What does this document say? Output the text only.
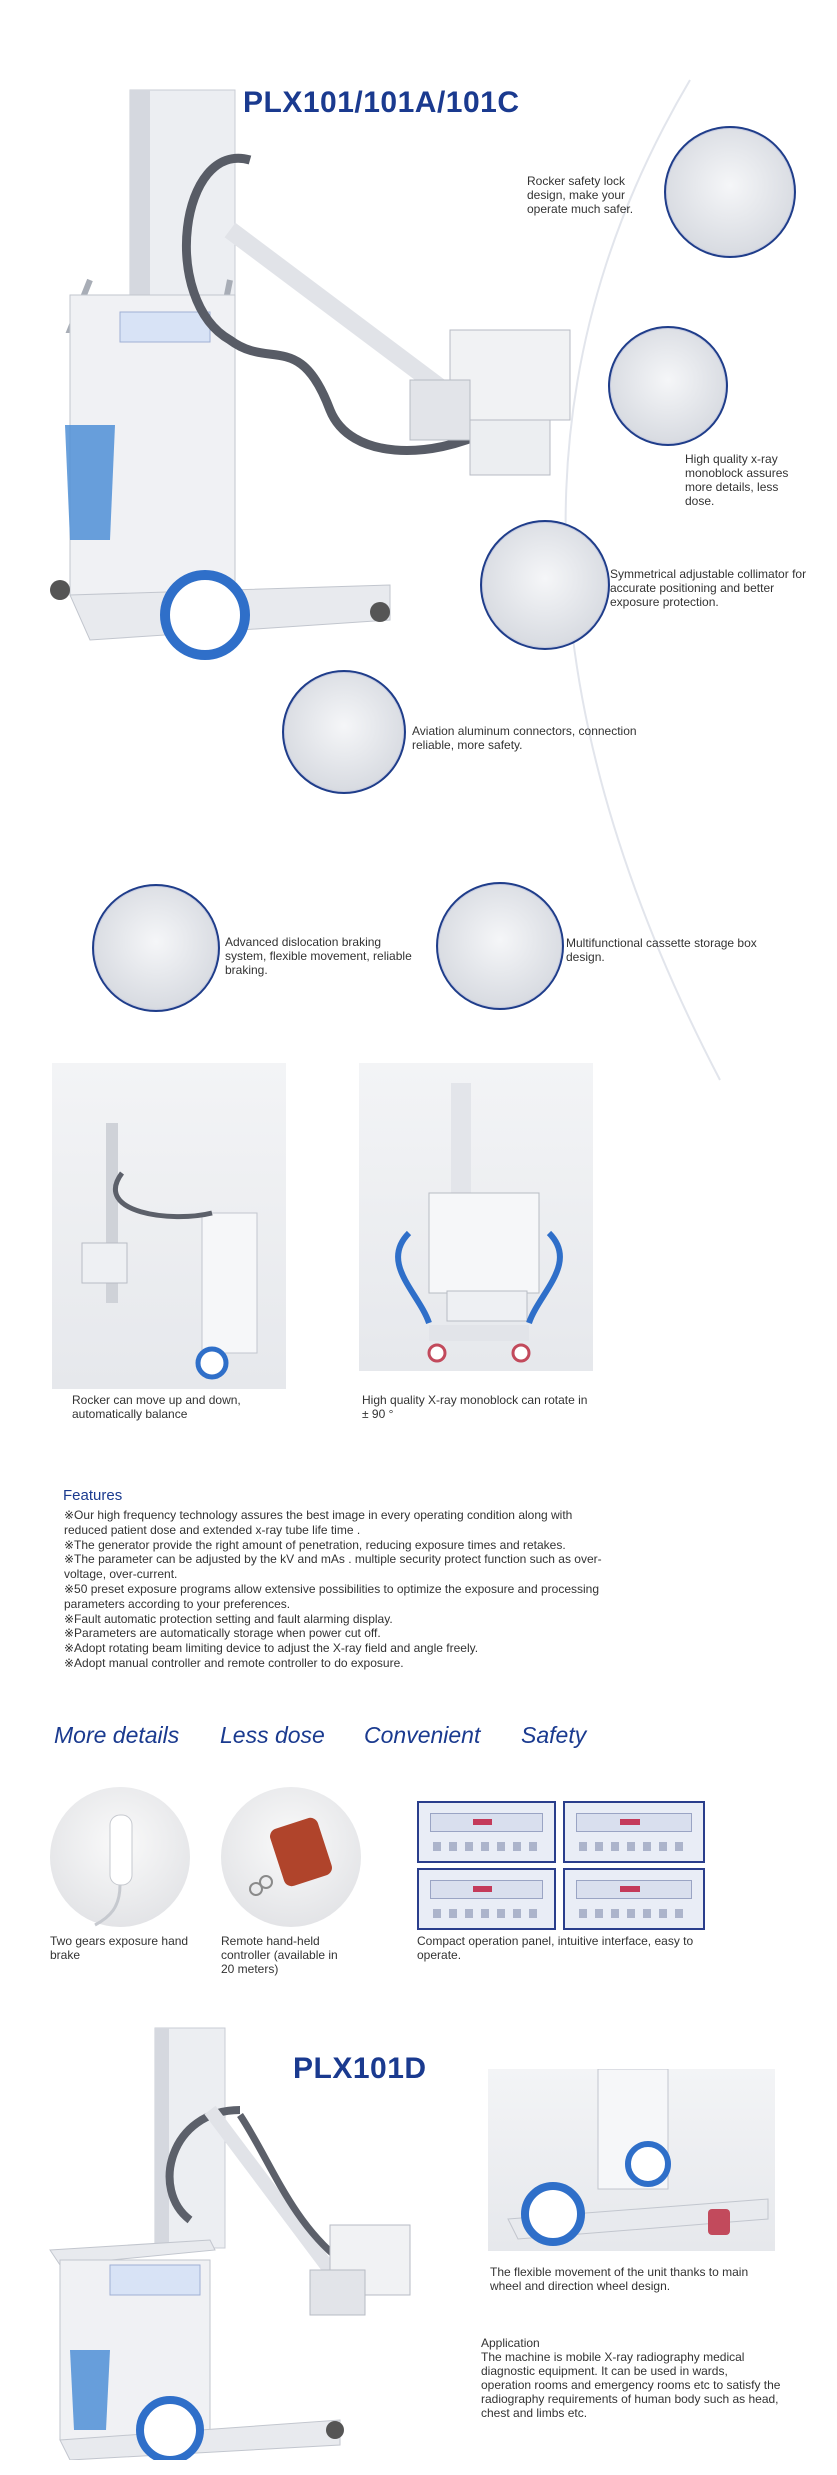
PLX101/101A/101C
Rocker safety lock design, make your operate much safer.
High quality x-ray monoblock assures more details, less dose.
Symmetrical adjustable collimator for accurate positioning and better exposure protection.
Aviation aluminum connectors, connection reliable, more safety.
Advanced dislocation braking system, flexible movement, reliable braking.
Multifunctional cassette storage box design.
Rocker can move up and down, automatically balance
High quality X-ray monoblock can rotate in ± 90 °
Features
※Our high frequency technology assures the best image in every operating condition along with reduced patient dose and extended x-ray tube life time .
※The generator provide the right amount of penetration, reducing exposure times and retakes.
※The parameter can be adjusted by the kV and mAs . multiple security protect function such as over-voltage, over-current.
※50 preset exposure programs allow extensive possibilities to optimize the exposure and processing parameters according to your preferences.
※Fault automatic protection setting and fault alarming display.
※Parameters are automatically storage when power cut off.
※Adopt rotating beam limiting device to adjust the X-ray field and angle freely.
※Adopt manual controller and remote controller to do exposure.
More details Less dose Convenient Safety
Two gears exposure hand brake
Remote hand-held controller (available in 20 meters)
Compact operation panel, intuitive interface, easy to operate.
PLX101D
The flexible movement of the unit thanks to main wheel and direction wheel design.
Application
The machine is mobile X-ray radiography medical diagnostic equipment. It can be used in wards, operation rooms and emergency rooms etc to satisfy the radiography requirements of human body such as head, chest and limbs etc.
